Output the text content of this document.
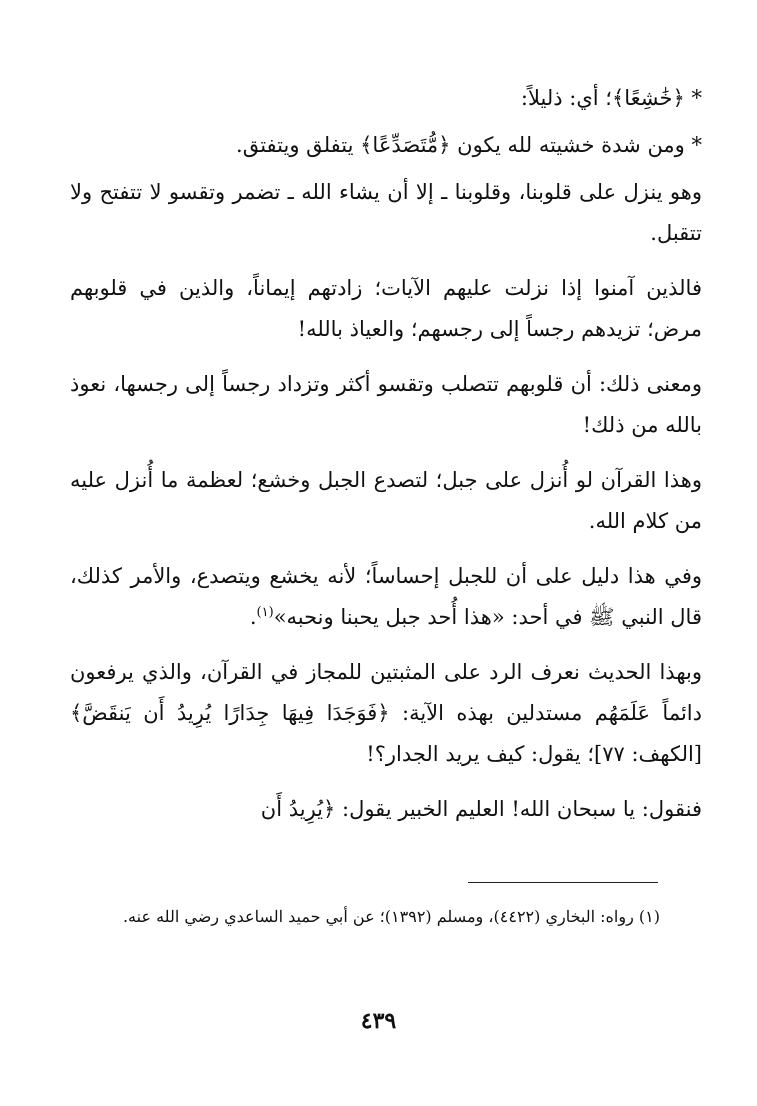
* ﴿خَٰشِعًا﴾؛ أي: ذليلاً:

* ومن شدة خشيته لله يكون ﴿مُّتَصَدِّعًا﴾ يتفلق ويتفتق.

وهو ينزل على قلوبنا، وقلوبنا ـ إلا أن يشاء الله ـ تضمر وتقسو لا تتفتح ولا تتقبل.

فالذين آمنوا إذا نزلت عليهم الآيات؛ زادتهم إيماناً، والذين في قلوبهم مرض؛ تزيدهم رجساً إلى رجسهم؛ والعياذ بالله!

ومعنى ذلك: أن قلوبهم تتصلب وتقسو أكثر وتزداد رجساً إلى رجسها، نعوذ بالله من ذلك!

وهذا القرآن لو أُنزل على جبل؛ لتصدع الجبل وخشع؛ لعظمة ما أُنزل عليه من كلام الله.

وفي هذا دليل على أن للجبل إحساساً؛ لأنه يخشع ويتصدع، والأمر كذلك، قال النبي ﷺ في أحد: «هذا أُحد جبل يحبنا ونحبه»$^{(١)}$.

وبهذا الحديث نعرف الرد على المثبتين للمجاز في القرآن، والذي يرفعون دائماً عَلَمَهُم مستدلين بهذه الآية: ﴿فَوَجَدَا فِيهَا جِدَارًا يُرِيدُ أَن يَنقَضَّ﴾ [الكهف: ٧٧]؛ يقول: كيف يريد الجدار؟!

فنقول: يا سبحان الله! العليم الخبير يقول: ﴿يُرِيدُ أَن

(١) رواه: البخاري (٤٤٢٢)، ومسلم (١٣٩٢)؛ عن أبي حميد الساعدي رضي الله عنه.
٤٣٩
